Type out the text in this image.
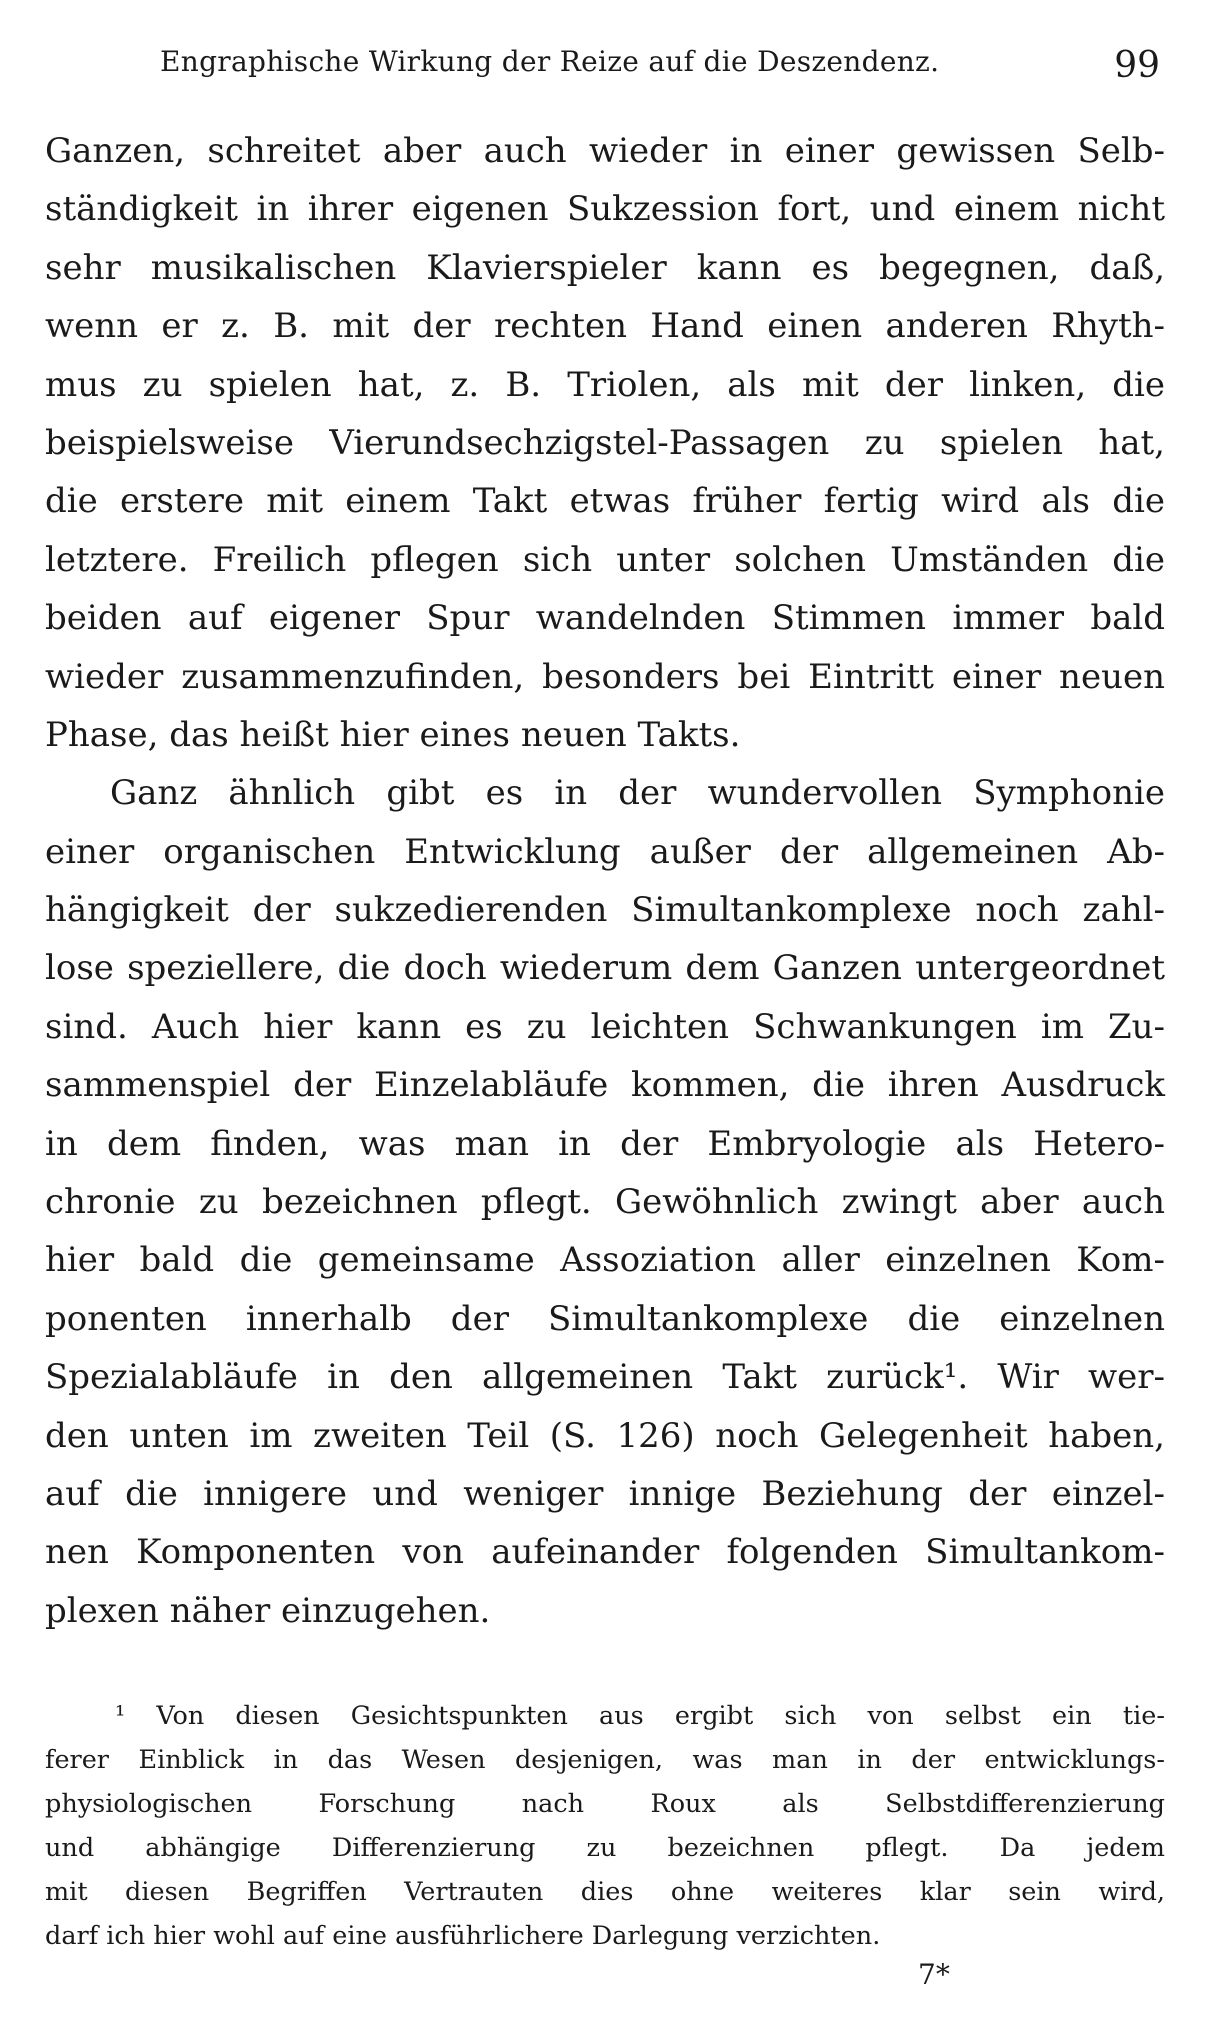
Engraphische Wirkung der Reize auf die Deszendenz.	99
Ganzen, schreitet aber auch wieder in einer gewissen Selb-
ständigkeit in ihrer eigenen Sukzession fort, und einem nicht
sehr musikalischen Klavierspieler kann es begegnen, daß,
wenn er z. B. mit der rechten Hand einen anderen Rhyth-
mus zu spielen hat, z. B. Triolen, als mit der linken, die
beispielsweise Vierundsechzigstel-Passagen zu spielen hat,
die erstere mit einem Takt etwas früher fertig wird als die
letztere. Freilich pflegen sich unter solchen Umständen die
beiden auf eigener Spur wandelnden Stimmen immer bald
wieder zusammenzufinden, besonders bei Eintritt einer neuen
Phase, das heißt hier eines neuen Takts.
Ganz ähnlich gibt es in der wundervollen Symphonie
einer organischen Entwicklung außer der allgemeinen Ab-
hängigkeit der sukzedierenden Simultankomplexe noch zahl-
lose speziellere, die doch wiederum dem Ganzen untergeordnet
sind. Auch hier kann es zu leichten Schwankungen im Zu-
sammenspiel der Einzelabläufe kommen, die ihren Ausdruck
in dem finden, was man in der Embryologie als Hetero-
chronie zu bezeichnen pflegt. Gewöhnlich zwingt aber auch
hier bald die gemeinsame Assoziation aller einzelnen Kom-
ponenten innerhalb der Simultankomplexe die einzelnen
Spezialabläufe in den allgemeinen Takt zurück¹. Wir wer-
den unten im zweiten Teil (S. 126) noch Gelegenheit haben,
auf die innigere und weniger innige Beziehung der einzel-
nen Komponenten von aufeinander folgenden Simultankom-
plexen näher einzugehen.
¹ Von diesen Gesichtspunkten aus ergibt sich von selbst ein tie-
ferer Einblick in das Wesen desjenigen, was man in der entwicklungs-
physiologischen Forschung nach Roux als Selbstdifferenzierung
und abhängige Differenzierung zu bezeichnen pflegt. Da jedem
mit diesen Begriffen Vertrauten dies ohne weiteres klar sein wird,
darf ich hier wohl auf eine ausführlichere Darlegung verzichten.
7*
